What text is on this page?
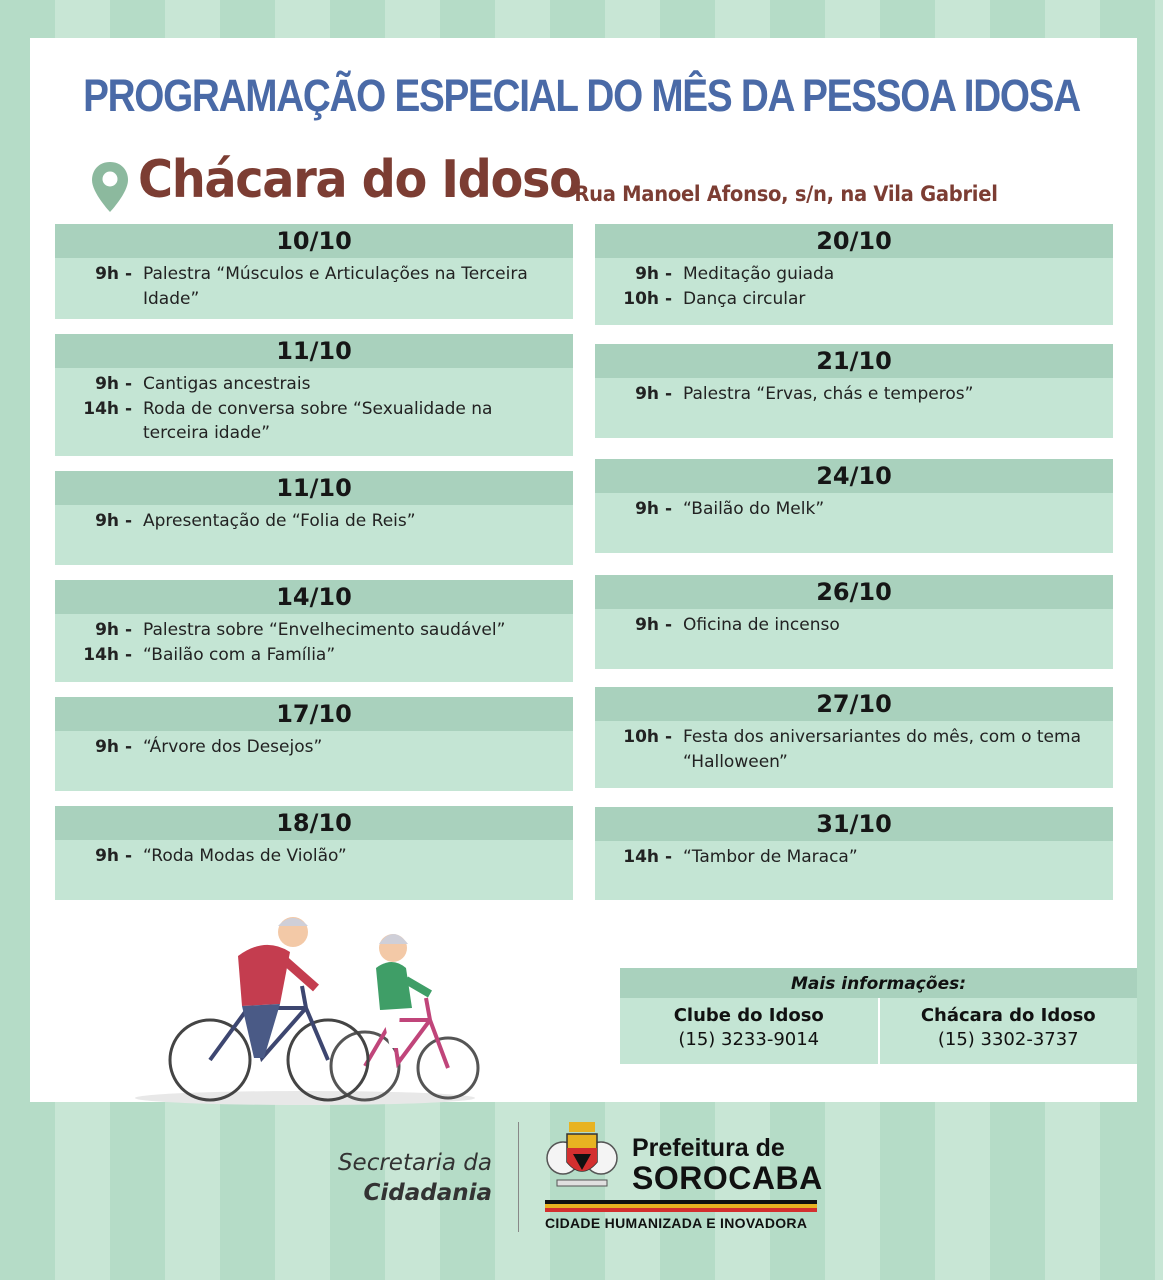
PROGRAMAÇÃO ESPECIAL DO MÊS DA PESSOA IDOSA
Chácara do Idoso
- Rua Manoel Afonso, s/n, na Vila Gabriel
10/10
9h - Palestra “Músculos e Articulações na Terceira Idade”
11/10
9h - Cantigas ancestrais
14h - Roda de conversa sobre “Sexualidade na terceira idade”
11/10
9h - Apresentação de “Folia de Reis”
14/10
9h - Palestra sobre “Envelhecimento saudável”
14h - “Bailão com a Família”
17/10
9h - “Árvore dos Desejos”
18/10
9h - “Roda Modas de Violão”
20/10
9h - Meditação guiada
10h - Dança circular
21/10
9h - Palestra “Ervas, chás e temperos”
24/10
9h - “Bailão do Melk”
26/10
9h - Oficina de incenso
27/10
10h - Festa dos aniversariantes do mês, com o tema “Halloween”
31/10
14h - “Tambor de Maraca”
Mais informações:
Clube do Idoso
(15) 3233-9014
Chácara do Idoso
(15) 3302-3737
Secretaria da
Cidadania
Prefeitura de
SOROCABA
CIDADE HUMANIZADA E INOVADORA
